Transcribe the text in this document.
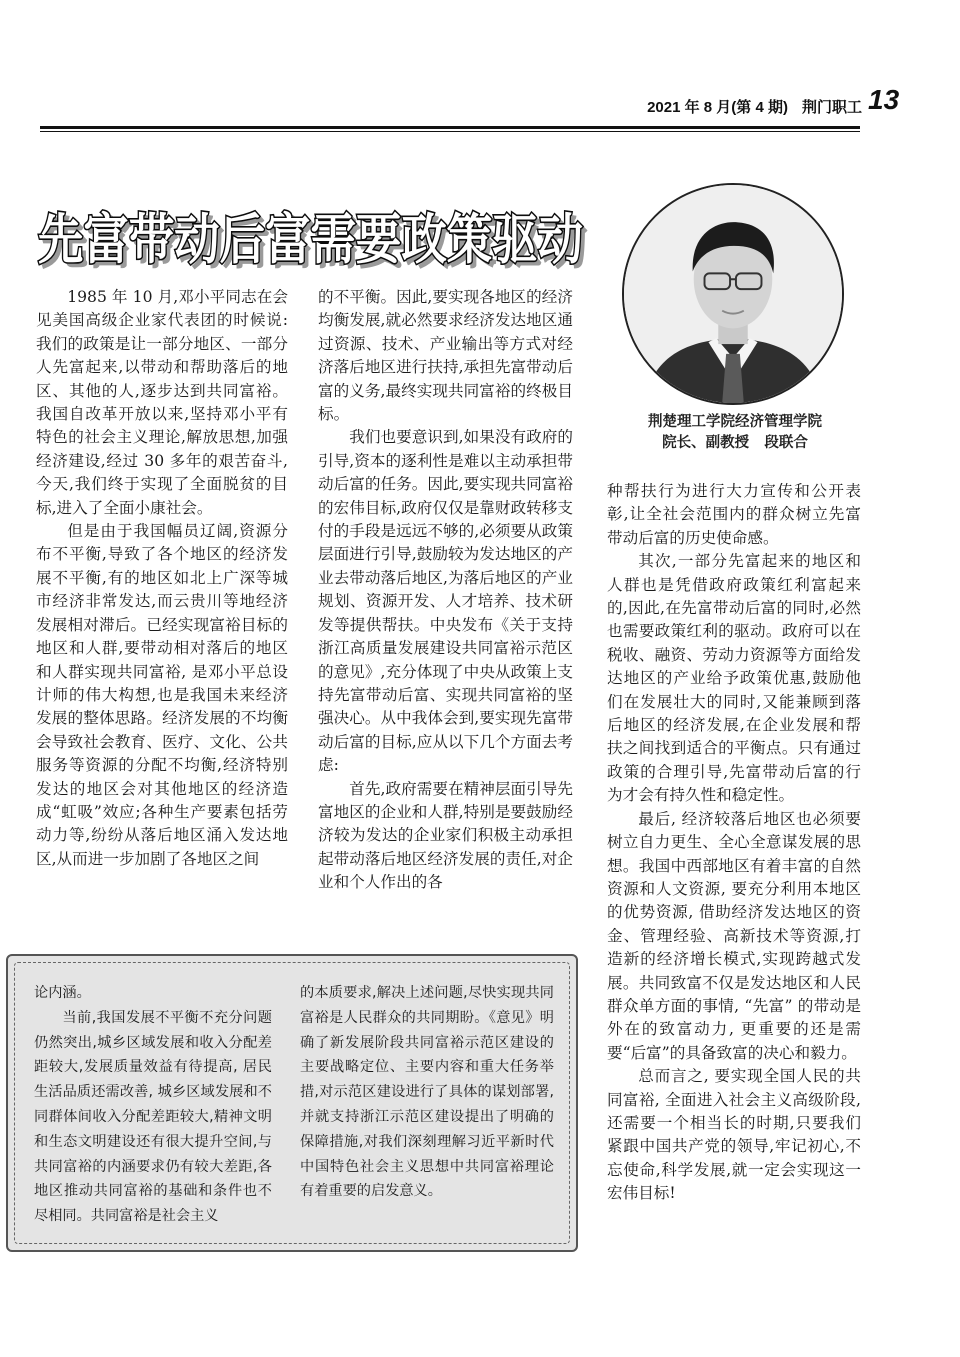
2021 年 8 月(第 4 期) 荆门职工 13
先富带动后富需要政策驱动
先富带动后富需要政策驱动
荆楚理工学院经济管理学院
院长、副教授   段联合

1985 年 10 月,邓小平同志在会见美国高级企业家代表团的时候说:我们的政策是让一部分地区、一部分人先富起来,以带动和帮助落后的地区、其他的人,逐步达到共同富裕。我国自改革开放以来,坚持邓小平有特色的社会主义理论,解放思想,加强经济建设,经过 30 多年的艰苦奋斗,今天,我们终于实现了全面脱贫的目标,进入了全面小康社会。

但是由于我国幅员辽阔,资源分布不平衡,导致了各个地区的经济发展不平衡,有的地区如北上广深等城市经济非常发达,而云贵川等地经济发展相对滞后。已经实现富裕目标的地区和人群,要带动相对落后的地区和人群实现共同富裕, 是邓小平总设计师的伟大构想,也是我国未来经济发展的整体思路。经济发展的不均衡会导致社会教育、医疗、文化、公共服务等资源的分配不均衡,经济特别发达的地区会对其他地区的经济造成“虹吸”效应;各种生产要素包括劳动力等,纷纷从落后地区涌入发达地区,从而进一步加剧了各地区之间

的不平衡。因此,要实现各地区的经济均衡发展,就必然要求经济发达地区通过资源、技术、产业输出等方式对经济落后地区进行扶持,承担先富带动后富的义务,最终实现共同富裕的终极目标。

我们也要意识到,如果没有政府的引导,资本的逐利性是难以主动承担带动后富的任务。因此,要实现共同富裕的宏伟目标,政府仅仅是靠财政转移支付的手段是远远不够的,必须要从政策层面进行引导,鼓励较为发达地区的产业去带动落后地区,为落后地区的产业规划、资源开发、人才培养、技术研发等提供帮扶。中央发布《关于支持浙江高质量发展建设共同富裕示范区的意见》,充分体现了中央从政策上支持先富带动后富、实现共同富裕的坚强决心。从中我体会到,要实现先富带动后富的目标,应从以下几个方面去考虑:

首先,政府需要在精神层面引导先富地区的企业和人群,特别是要鼓励经济较为发达的企业家们积极主动承担起带动落后地区经济发展的责任,对企业和个人作出的各

种帮扶行为进行大力宣传和公开表彰,让全社会范围内的群众树立先富带动后富的历史使命感。

其次,一部分先富起来的地区和人群也是凭借政府政策红利富起来的,因此,在先富带动后富的同时,必然也需要政策红利的驱动。政府可以在税收、融资、劳动力资源等方面给发达地区的产业给予政策优惠,鼓励他们在发展壮大的同时,又能兼顾到落后地区的经济发展,在企业发展和帮扶之间找到适合的平衡点。只有通过政策的合理引导,先富带动后富的行为才会有持久性和稳定性。

最后, 经济较落后地区也必须要树立自力更生、全心全意谋发展的思想。我国中西部地区有着丰富的自然资源和人文资源, 要充分利用本地区的优势资源, 借助经济发达地区的资金、管理经验、高新技术等资源,打造新的经济增长模式,实现跨越式发展。共同致富不仅是发达地区和人民群众单方面的事情, “先富” 的带动是外在的致富动力, 更重要的还是需要“后富”的具备致富的决心和毅力。

总而言之, 要实现全国人民的共同富裕, 全面进入社会主义高级阶段,还需要一个相当长的时期,只要我们紧跟中国共产党的领导,牢记初心,不忘使命,科学发展,就一定会实现这一宏伟目标!

论内涵。

当前,我国发展不平衡不充分问题仍然突出,城乡区域发展和收入分配差距较大,发展质量效益有待提高, 居民生活品质还需改善, 城乡区域发展和不同群体间收入分配差距较大,精神文明和生态文明建设还有很大提升空间,与共同富裕的内涵要求仍有较大差距,各地区推动共同富裕的基础和条件也不尽相同。共同富裕是社会主义

的本质要求,解决上述问题,尽快实现共同富裕是人民群众的共同期盼。《意见》明确了新发展阶段共同富裕示范区建设的主要战略定位、主要内容和重大任务举措,对示范区建设进行了具体的谋划部署,并就支持浙江示范区建设提出了明确的保障措施,对我们深刻理解习近平新时代中国特色社会主义思想中共同富裕理论有着重要的启发意义。
